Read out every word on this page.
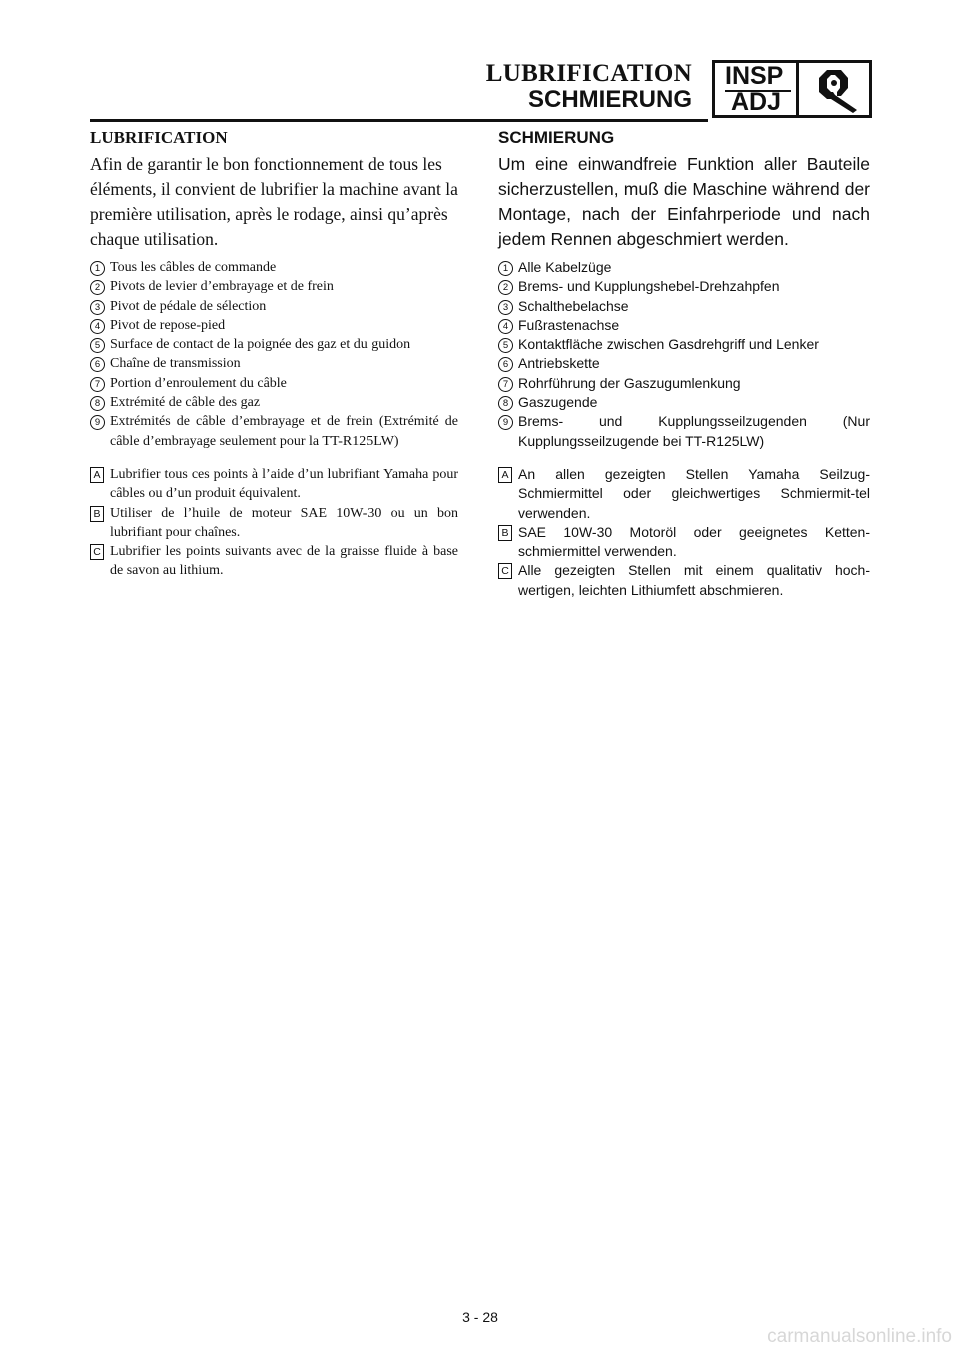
LUBRIFICATION
SCHMIERUNG
INSP
ADJ
LUBRIFICATION
Afin de garantir le bon fonctionnement de tous les éléments, il convient de lubrifier la machine avant la première utilisation, après le rodage, ainsi qu’après chaque utilisation.
1 Tous les câbles de commande
2 Pivots de levier d’embrayage et de frein
3 Pivot de pédale de sélection
4 Pivot de repose-pied
5 Surface de contact de la poignée des gaz et du guidon
6 Chaîne de transmission
7 Portion d’enroulement du câble
8 Extrémité de câble des gaz
9 Extrémités de câble d’embrayage et de frein (Extrémité de câble d’embrayage seulement pour la TT-R125LW)
A Lubrifier tous ces points à l’aide d’un lubrifiant Yamaha pour câbles ou d’un produit équivalent.
B Utiliser de l’huile de moteur SAE 10W-30 ou un bon lubrifiant pour chaînes.
C Lubrifier les points suivants avec de la graisse fluide à base de savon au lithium.
SCHMIERUNG
Um eine einwandfreie Funktion aller Bauteile sicherzustellen, muß die Maschine während der Montage, nach der Einfahrperiode und nach jedem Rennen abgeschmiert werden.
1 Alle Kabelzüge
2 Brems- und Kupplungshebel-Drehzahpfen
3 Schalthebelachse
4 Fußrastenachse
5 Kontaktfläche zwischen Gasdrehgriff und Lenker
6 Antriebskette
7 Rohrführung der Gaszugumlenkung
8 Gaszugende
9 Brems- und Kupplungsseilzugenden (Nur Kupplungsseilzugende bei TT-R125LW)
A An allen gezeigten Stellen Yamaha Seilzug-Schmiermittel oder gleichwertiges Schmiermit-tel verwenden.
B SAE 10W-30 Motoröl oder geeignetes Ketten-schmiermittel verwenden.
C Alle gezeigten Stellen mit einem qualitativ hoch-wertigen, leichten Lithiumfett abschmieren.
3 - 28
carmanualsonline.info
